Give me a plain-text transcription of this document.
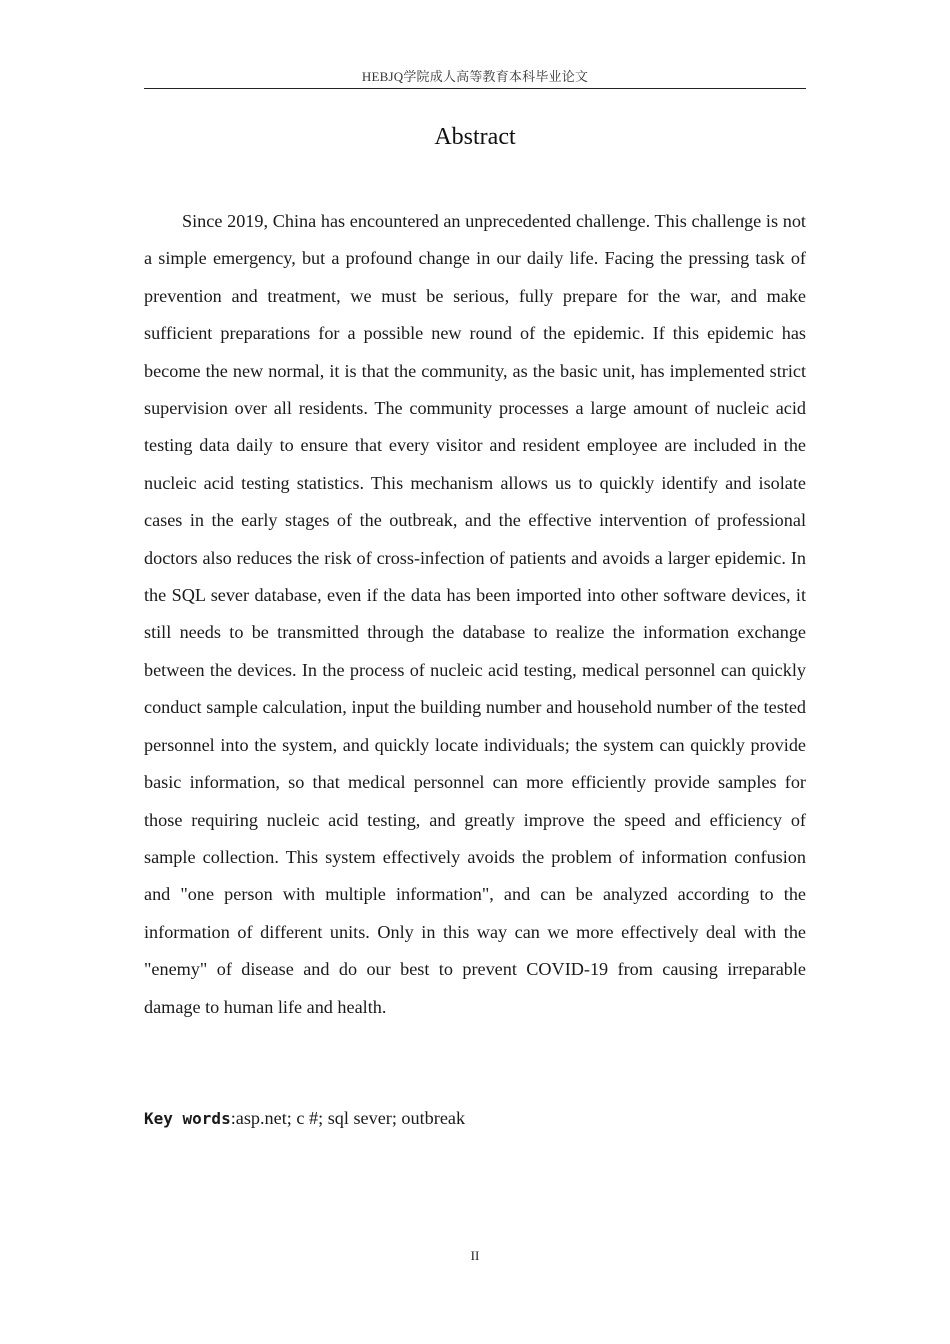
HEBJQ学院成人高等教育本科毕业论文
Abstract

Since 2019, China has encountered an unprecedented challenge. This challenge is not a simple emergency, but a profound change in our daily life. Facing the pressing task of prevention and treatment, we must be serious, fully prepare for the war, and make sufficient preparations for a possible new round of the epidemic. If this epidemic has become the new normal, it is that the community, as the basic unit, has implemented strict supervision over all residents. The community processes a large amount of nucleic acid testing data daily to ensure that every visitor and resident employee are included in the nucleic acid testing statistics. This mechanism allows us to quickly identify and isolate cases in the early stages of the outbreak, and the effective intervention of professional doctors also reduces the risk of cross-infection of patients and avoids a larger epidemic. In the SQL sever database, even if the data has been imported into other software devices, it still needs to be transmitted through the database to realize the information exchange between the devices. In the process of nucleic acid testing, medical personnel can quickly conduct sample calculation, input the building number and household number of the tested personnel into the system, and quickly locate individuals; the system can quickly provide basic information, so that medical personnel can more efficiently provide samples for those requiring nucleic acid testing, and greatly improve the speed and efficiency of sample collection. This system effectively avoids the problem of information confusion and "one person with multiple information", and can be analyzed according to the information of different units. Only in this way can we more effectively deal with the "enemy" of disease and do our best to prevent COVID-19 from causing irreparable damage to human life and health.

Key words:asp.net; c #; sql sever; outbreak
II
